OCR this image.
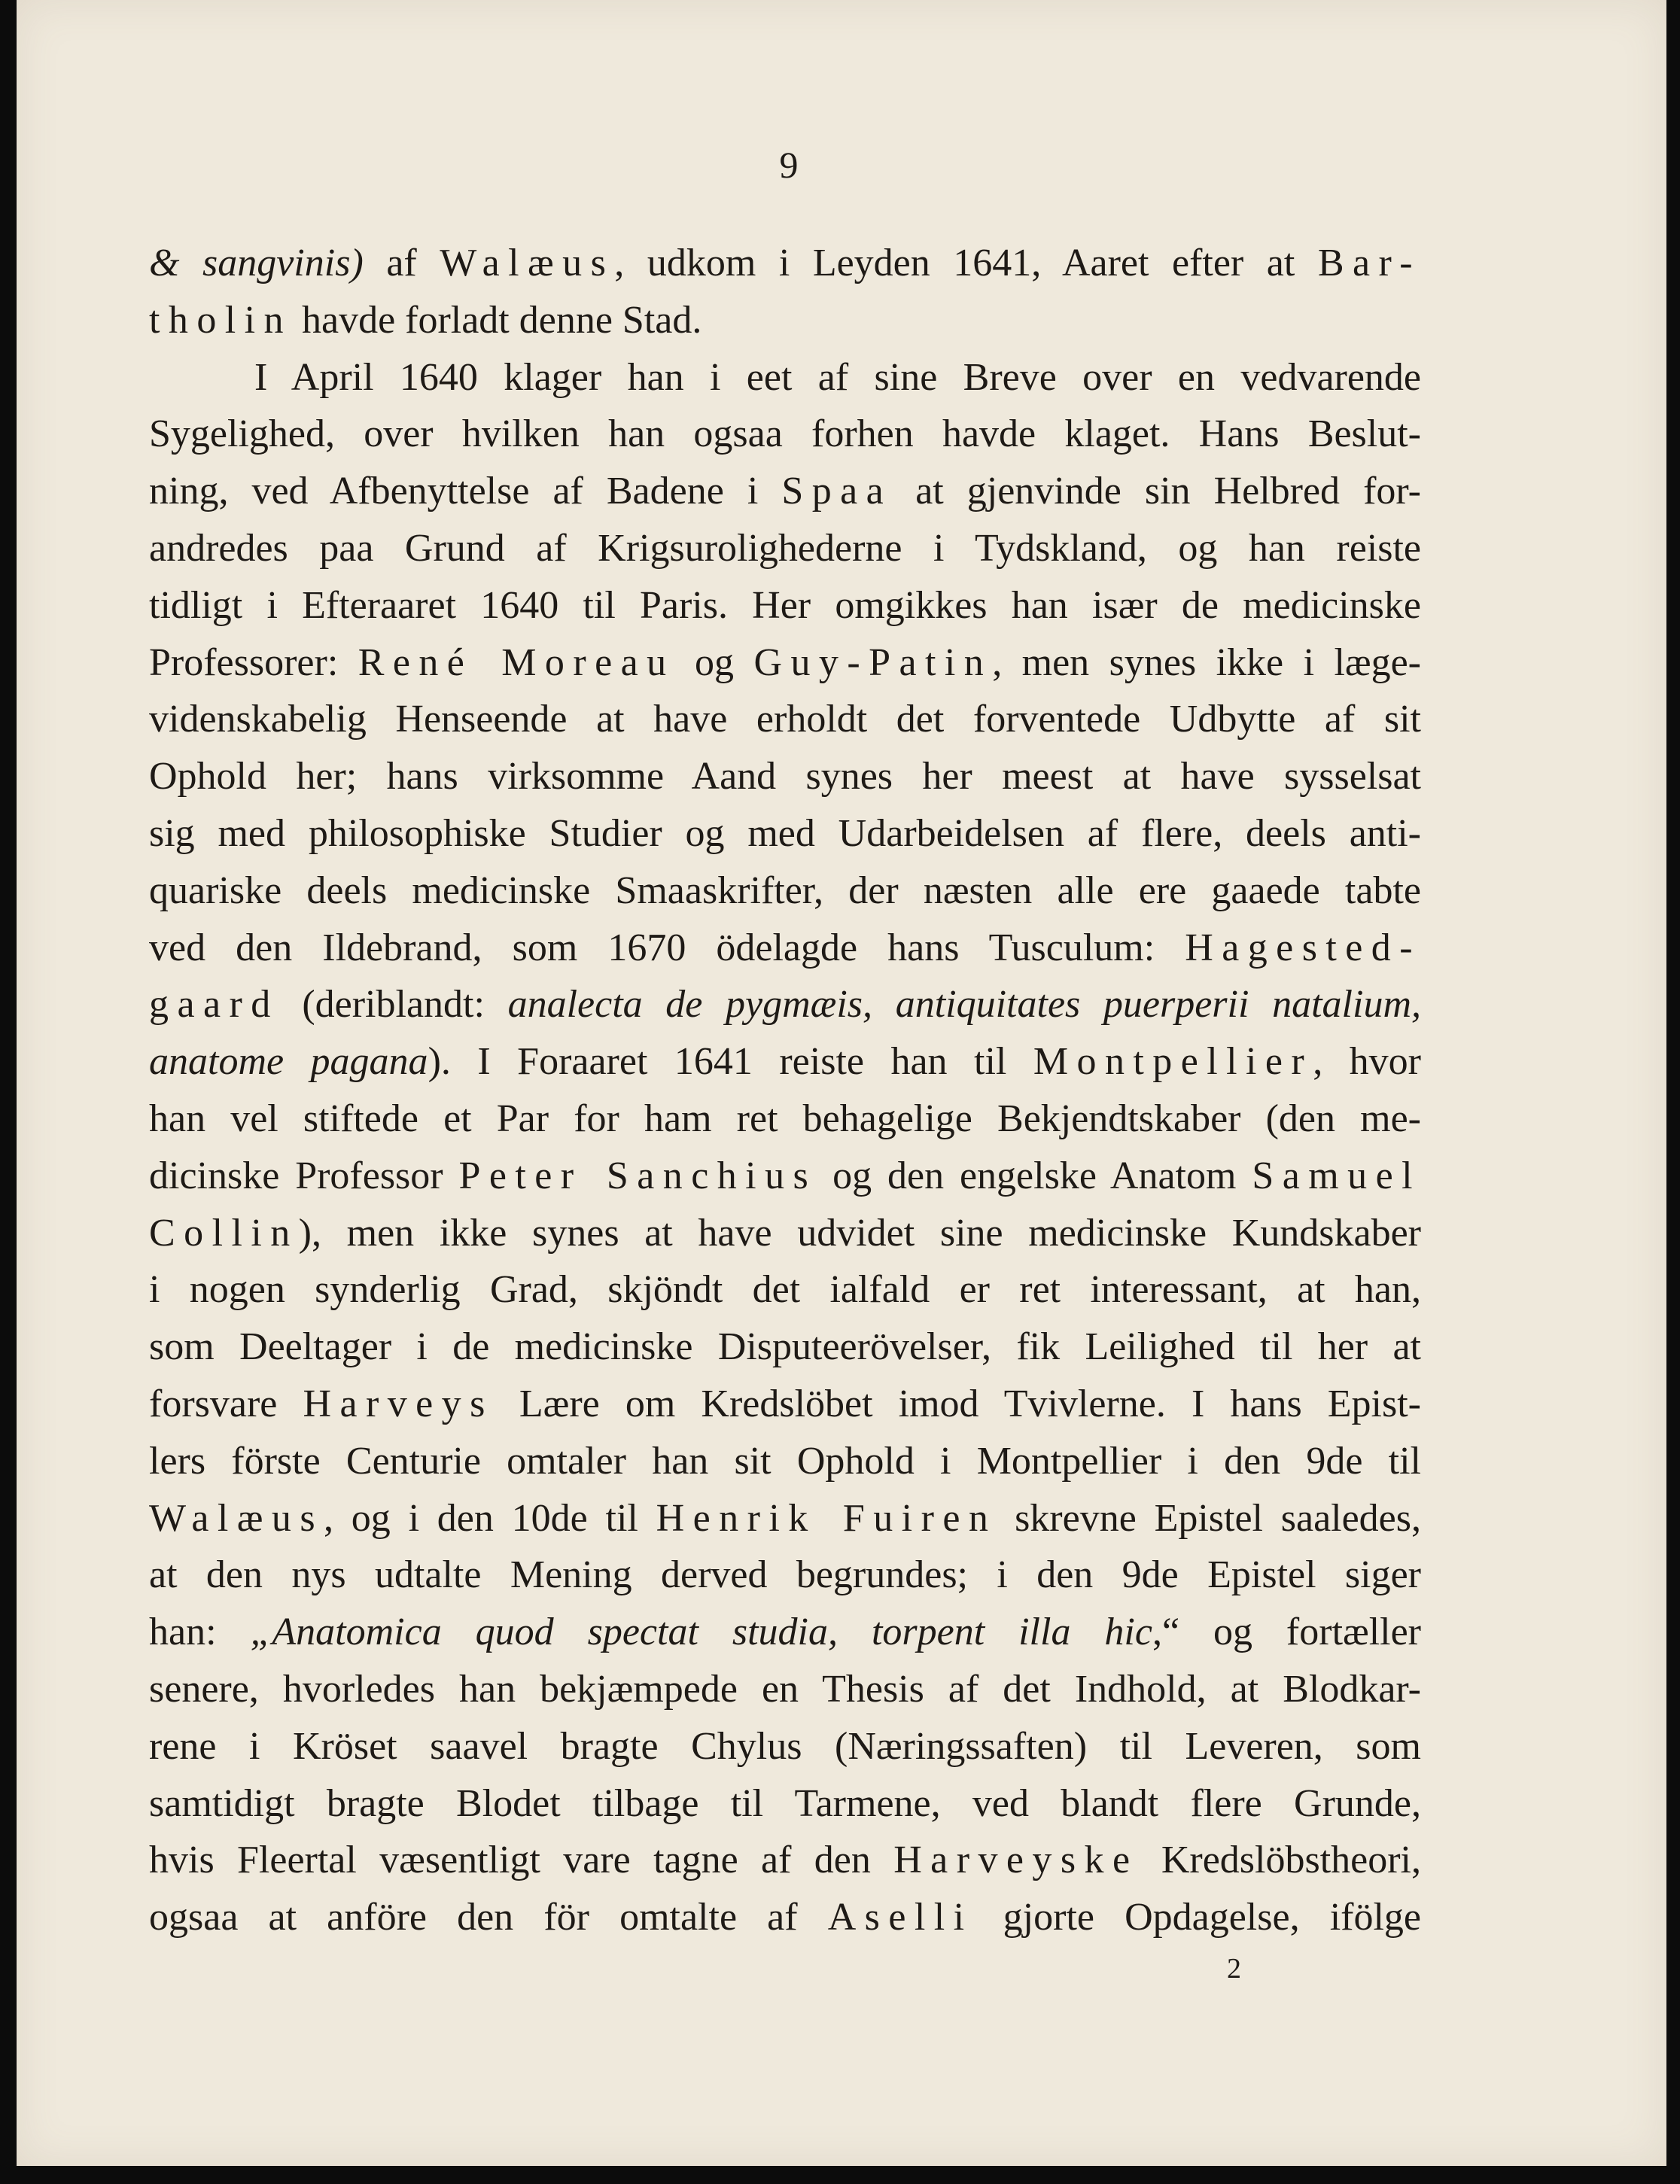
9
& sangvinis) af Walæus, udkom i Leyden 1641, Aaret efter at Bar-
tholin havde forladt denne Stad.
I April 1640 klager han i eet af sine Breve over en vedvarende
Sygelighed, over hvilken han ogsaa forhen havde klaget. Hans Beslut-
ning, ved Afbenyttelse af Badene i Spaa at gjenvinde sin Helbred for-
andredes paa Grund af Krigsurolighederne i Tydskland, og han reiste
tidligt i Efteraaret 1640 til Paris. Her omgikkes han især de medicinske
Professorer: René Moreau og Guy-Patin, men synes ikke i læge-
videnskabelig Henseende at have erholdt det forventede Udbytte af sit
Ophold her; hans virksomme Aand synes her meest at have sysselsat
sig med philosophiske Studier og med Udarbeidelsen af flere, deels anti-
quariske deels medicinske Smaaskrifter, der næsten alle ere gaaede tabte
ved den Ildebrand, som 1670 ödelagde hans Tusculum: Hagested-
gaard (deriblandt: analecta de pygmæis, antiquitates puerperii natalium,
anatome pagana). I Foraaret 1641 reiste han til Montpellier, hvor
han vel stiftede et Par for ham ret behagelige Bekjendtskaber (den me-
dicinske Professor Peter Sanchius og den engelske Anatom Samuel
Collin), men ikke synes at have udvidet sine medicinske Kundskaber
i nogen synderlig Grad, skjöndt det ialfald er ret interessant, at han,
som Deeltager i de medicinske Disputeerövelser, fik Leilighed til her at
forsvare Harveys Lære om Kredslöbet imod Tvivlerne. I hans Epist-
lers förste Centurie omtaler han sit Ophold i Montpellier i den 9de til
Walæus, og i den 10de til Henrik Fuiren skrevne Epistel saaledes,
at den nys udtalte Mening derved begrundes; i den 9de Epistel siger
han: „Anatomica quod spectat studia, torpent illa hic,“ og fortæller
senere, hvorledes han bekjæmpede en Thesis af det Indhold, at Blodkar-
rene i Kröset saavel bragte Chylus (Næringssaften) til Leveren, som
samtidigt bragte Blodet tilbage til Tarmene, ved blandt flere Grunde,
hvis Fleertal væsentligt vare tagne af den Harveyske Kredslöbstheori,
ogsaa at anföre den för omtalte af Aselli gjorte Opdagelse, ifölge
2
